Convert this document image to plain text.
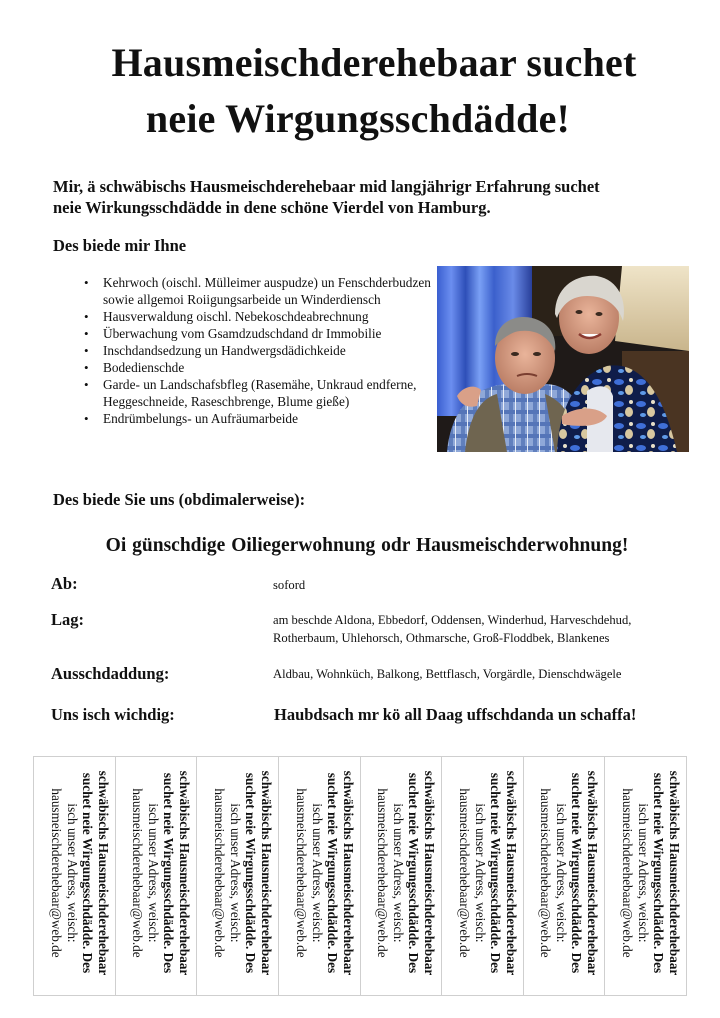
Hausmeischderehebaar suchet
neie Wirgungsschdädde!
Mir, ä schwäbischs Hausmeischderehebaar mid langjährigr Erfahrung suchet
neie Wirkungsschdädde in dene schöne Vierdel von Hamburg.
Des biede mir Ihne
• Kehrwoch (oischl. Mülleimer auspudze) un Fenschderbudzen sowie allgemoi Roiigungsarbeide un Winderdiensch
• Hausverwaldung oischl. Nebekoschdeabrechnung
• Überwachung vom Gsamdzudschdand dr Immobilie
• Inschdandsedzung un Handwergsdädichkeide
• Bodedienschde
• Garde- un Landschafsbfleg (Rasemähe, Unkraud endferne, Heggeschneide, Raseschbrenge, Blume gieße)
• Endrümbelungs- un Aufräumarbeide
Des biede Sie uns (obdimalerweise):
Oi günschdige Oiliegerwohnung odr Hausmeischderwohnung!
Ab:	soford
Lag:	am beschde Aldona, Ebbedorf, Oddensen, Winderhud, Harveschdehud, Rotherbaum, Uhlehorsch, Othmarsche, Groß-Floddbek, Blankenes
Ausschdaddung:	Aldbau, Wohnküch, Balkong, Bettflasch, Vorgärdle, Dienschdwägele
Uns isch wichdig:	Haubdsach mr kö all Daag uffschdanda un schaffa!
schwäbischs Hausmeischderehebaar
suchet neie Wirgungsschdädde. Des
isch unser Adress, weisch:
hausmeischderehebaar@web.de	schwäbischs Hausmeischderehebaar
suchet neie Wirgungsschdädde. Des
isch unser Adress, weisch:
hausmeischderehebaar@web.de	schwäbischs Hausmeischderehebaar
suchet neie Wirgungsschdädde. Des
isch unser Adress, weisch:
hausmeischderehebaar@web.de	schwäbischs Hausmeischderehebaar
suchet neie Wirgungsschdädde. Des
isch unser Adress, weisch:
hausmeischderehebaar@web.de	schwäbischs Hausmeischderehebaar
suchet neie Wirgungsschdädde. Des
isch unser Adress, weisch:
hausmeischderehebaar@web.de	schwäbischs Hausmeischderehebaar
suchet neie Wirgungsschdädde. Des
isch unser Adress, weisch:
hausmeischderehebaar@web.de	schwäbischs Hausmeischderehebaar
suchet neie Wirgungsschdädde. Des
isch unser Adress, weisch:
hausmeischderehebaar@web.de	schwäbischs Hausmeischderehebaar
suchet neie Wirgungsschdädde. Des
isch unser Adress, weisch:
hausmeischderehebaar@web.de
